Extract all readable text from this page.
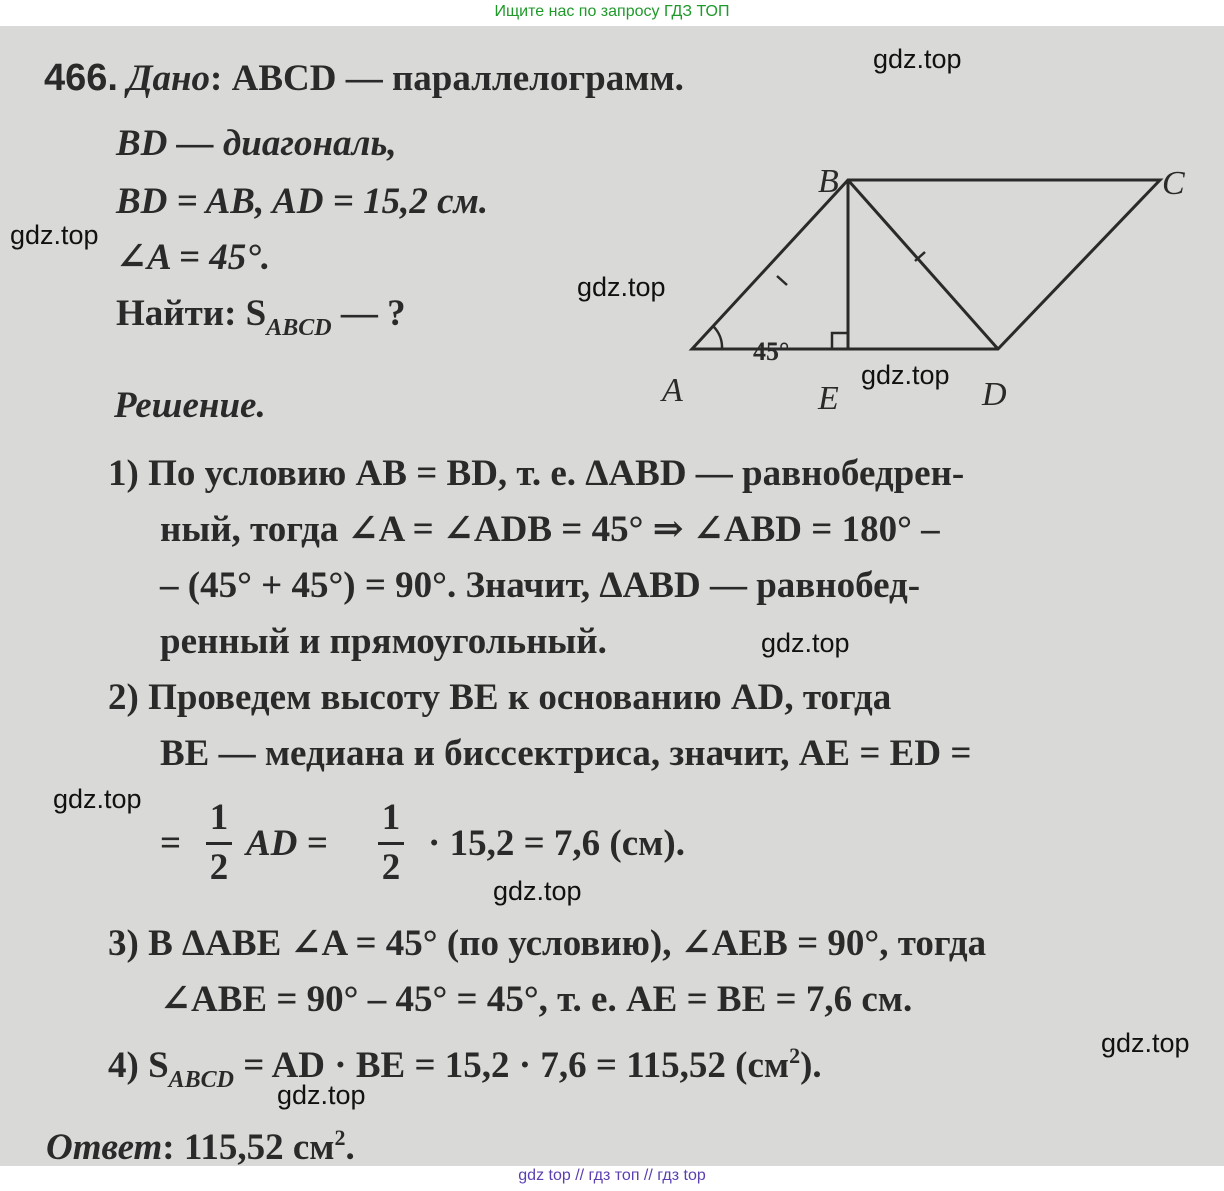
Ищите нас по запросу ГДЗ ТОП
466. Дано: ABCD — параллелограмм.
BD — диагональ,
BD = AB, AD = 15,2 см.
∠A = 45°.
Найти: $S_{ABCD}$ — ?
A
B	C
D
E
45°
Решение.
1) По условию AB = BD, т. е. ΔABD — равнобедрен-
ный, тогда ∠A = ∠ADB = 45° ⇒ ∠ABD = 180° –
– (45° + 45°) = 90°. Значит, ΔABD — равнобед-
ренный и прямоугольный.
2) Проведем высоту BE к основанию AD, тогда
BE — медиана и биссектриса, значит, AE = ED =
=
1
2
AD =
1
2
· 15,2 = 7,6 (см).
3) В ΔABE ∠A = 45° (по условию), ∠AEB = 90°, тогда
∠ABE = 90° – 45° = 45°, т. е. AE = BE = 7,6 см.
4) $S_{ABCD}$ = AD · BE = 15,2 · 7,6 = 115,52 $(см^2)$.
Ответ: 115,52 $см^2$.
gdz.top
gdz.top
gdz.top
gdz.top
gdz.top
gdz.top
gdz.top
gdz.top
gdz.top
gdz top // гдз топ // гдз top
